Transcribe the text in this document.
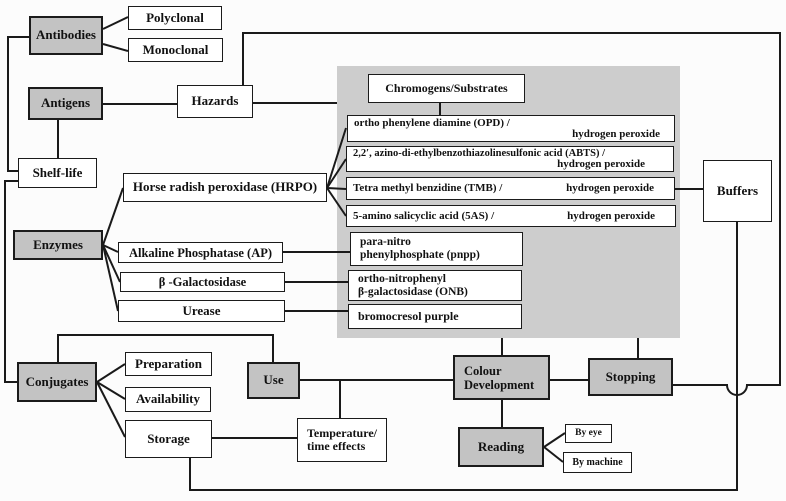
Antibodies
Polyclonal
Monoclonal
Antigens	Hazards
Shelf-life
Enzymes
Horse radish peroxidase (HRPO)
Alkaline Phosphatase (AP)
β -Galactosidase
Urease
Chromogens/Substrates
ortho phenylene diamine (OPD) /
hydrogen peroxide
2,2′, azino-di-ethylbenzothiazolinesulfonic acid (ABTS) /
hydrogen peroxide
Tetra methyl benzidine (TMB) /	hydrogen peroxide
5-amino salicyclic acid (5AS) /	hydrogen peroxide
para-nitro
phenylphosphate (pnpp)
ortho-nitrophenyl
β-galactosidase (ONB)
bromocresol purple
Buffers
Conjugates
Preparation
Availability
Storage
Use
Temperature/
time effects
Colour
Development
Stopping
Reading
By eye
By machine
